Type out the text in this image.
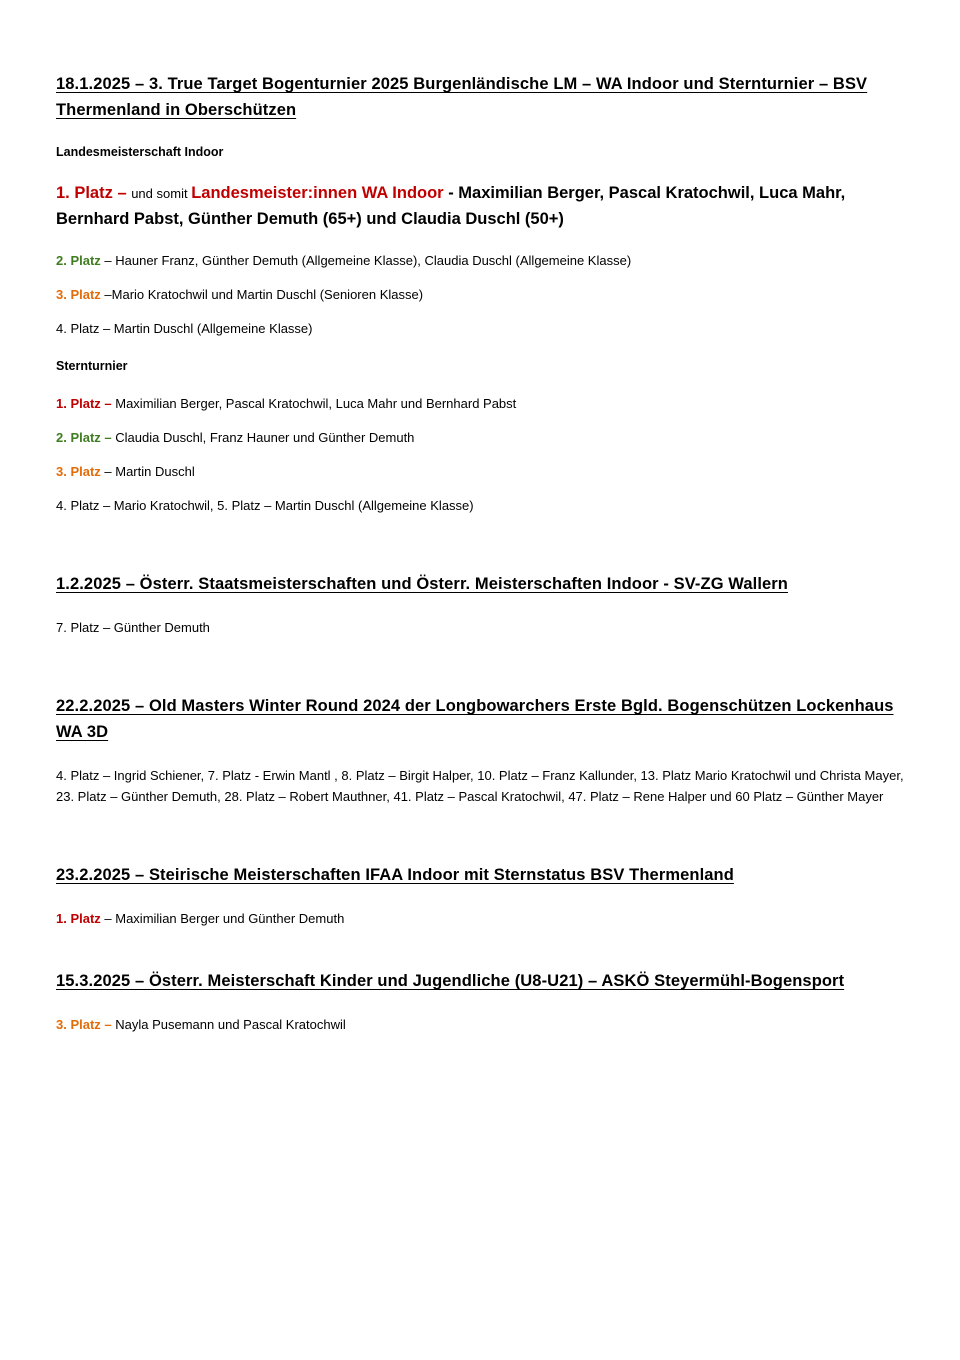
18.1.2025 – 3. True Target Bogenturnier 2025 Burgenländische LM – WA Indoor und Sternturnier – BSV Thermenland in Oberschützen

Landesmeisterschaft Indoor

1. Platz – und somit Landesmeister:innen WA Indoor - Maximilian Berger, Pascal Kratochwil, Luca Mahr, Bernhard Pabst, Günther Demuth (65+) und Claudia Duschl (50+)

2. Platz – Hauner Franz, Günther Demuth (Allgemeine Klasse), Claudia Duschl (Allgemeine Klasse)

3. Platz –Mario Kratochwil und Martin Duschl (Senioren Klasse)

4. Platz – Martin Duschl (Allgemeine Klasse)

Sternturnier

1. Platz – Maximilian Berger, Pascal Kratochwil, Luca Mahr und Bernhard Pabst

2. Platz – Claudia Duschl, Franz Hauner und Günther Demuth

3. Platz – Martin Duschl

4. Platz – Mario Kratochwil, 5. Platz – Martin Duschl (Allgemeine Klasse)

1.2.2025 – Österr. Staatsmeisterschaften und Österr. Meisterschaften Indoor - SV-ZG Wallern

7. Platz – Günther Demuth

22.2.2025 – Old Masters Winter Round 2024 der Longbowarchers Erste Bgld. Bogenschützen Lockenhaus WA 3D

4. Platz – Ingrid Schiener, 7. Platz - Erwin Mantl , 8. Platz – Birgit Halper, 10. Platz – Franz Kallunder, 13. Platz Mario Kratochwil und Christa Mayer, 23. Platz – Günther Demuth, 28. Platz – Robert Mauthner, 41. Platz – Pascal Kratochwil, 47. Platz – Rene Halper und 60 Platz – Günther Mayer

23.2.2025 – Steirische Meisterschaften IFAA Indoor mit Sternstatus BSV Thermenland

1. Platz – Maximilian Berger und Günther Demuth

15.3.2025 – Österr. Meisterschaft Kinder und Jugendliche (U8-U21) – ASKÖ Steyermühl-Bogensport

3. Platz – Nayla Pusemann und Pascal Kratochwil
